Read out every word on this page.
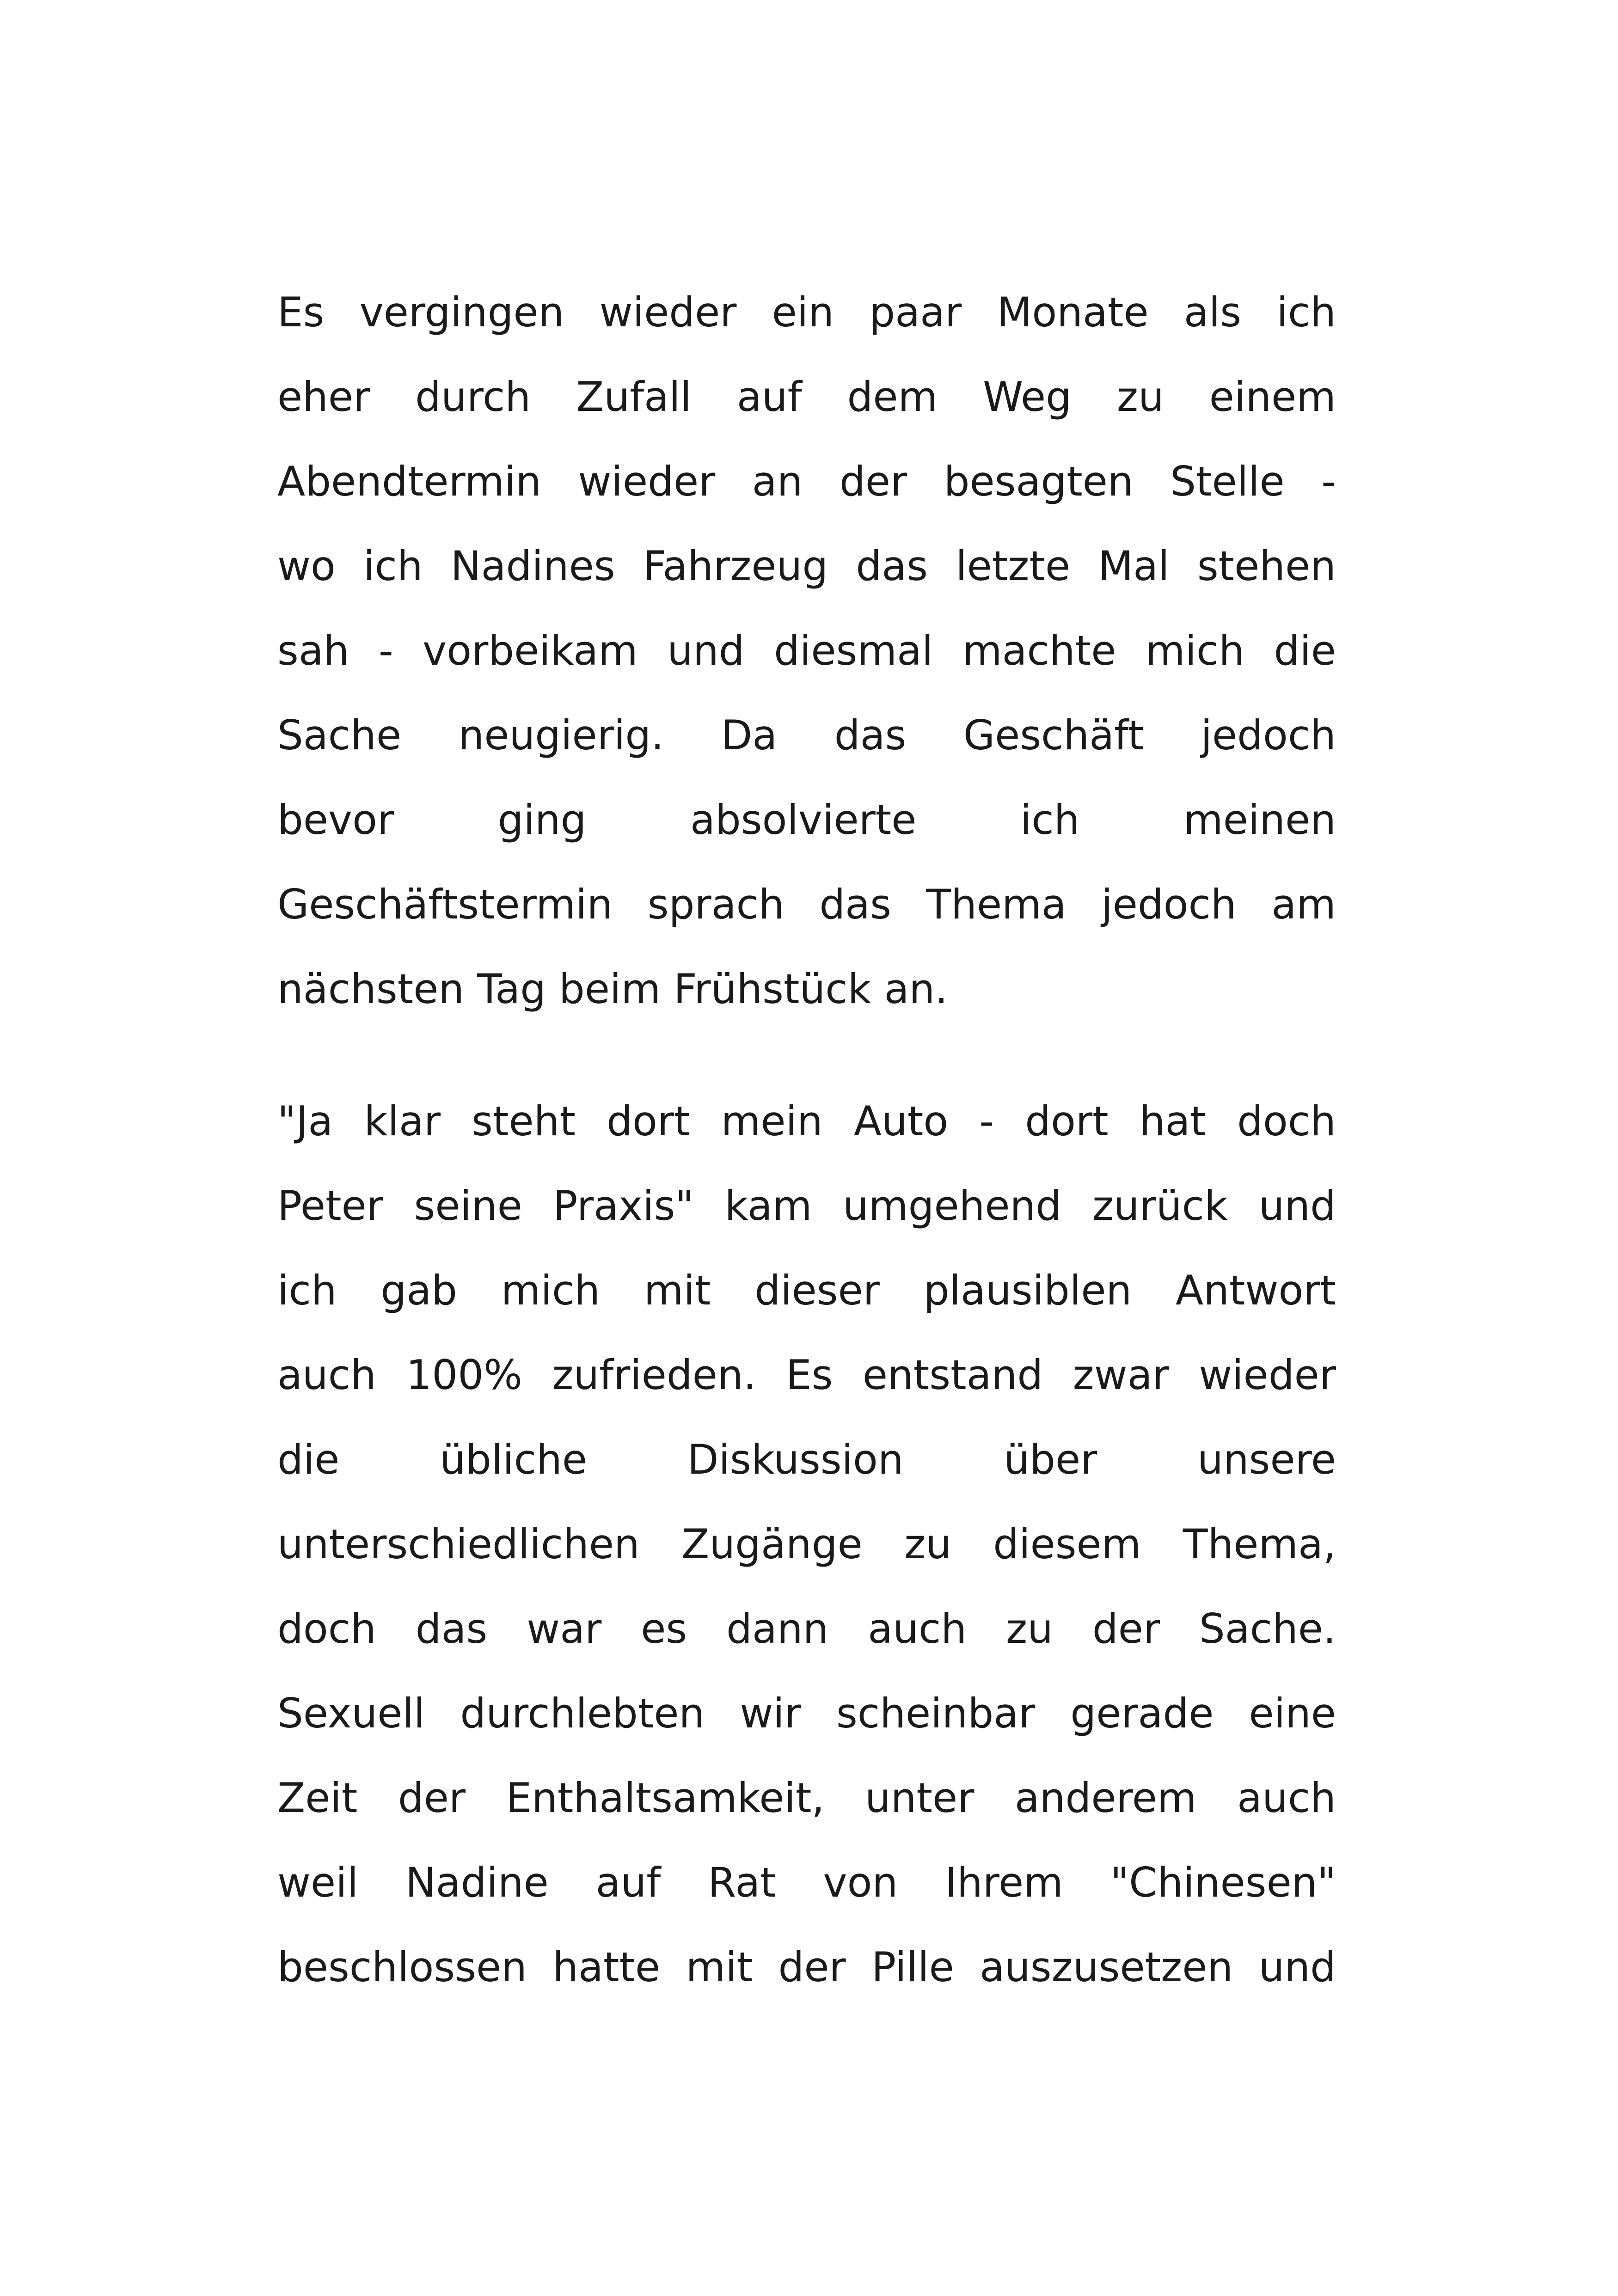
Es vergingen wieder ein paar Monate als ich
eher durch Zufall auf dem Weg zu einem
Abendtermin wieder an der besagten Stelle -
wo ich Nadines Fahrzeug das letzte Mal stehen
sah - vorbeikam und diesmal machte mich die
Sache neugierig. Da das Geschäft jedoch
bevor ging absolvierte ich meinen
Geschäftstermin sprach das Thema jedoch am
nächsten Tag beim Frühstück an.
"Ja klar steht dort mein Auto - dort hat doch
Peter seine Praxis" kam umgehend zurück und
ich gab mich mit dieser plausiblen Antwort
auch 100% zufrieden. Es entstand zwar wieder
die übliche Diskussion über unsere
unterschiedlichen Zugänge zu diesem Thema,
doch das war es dann auch zu der Sache.
Sexuell durchlebten wir scheinbar gerade eine
Zeit der Enthaltsamkeit, unter anderem auch
weil Nadine auf Rat von Ihrem "Chinesen"
beschlossen hatte mit der Pille auszusetzen und
